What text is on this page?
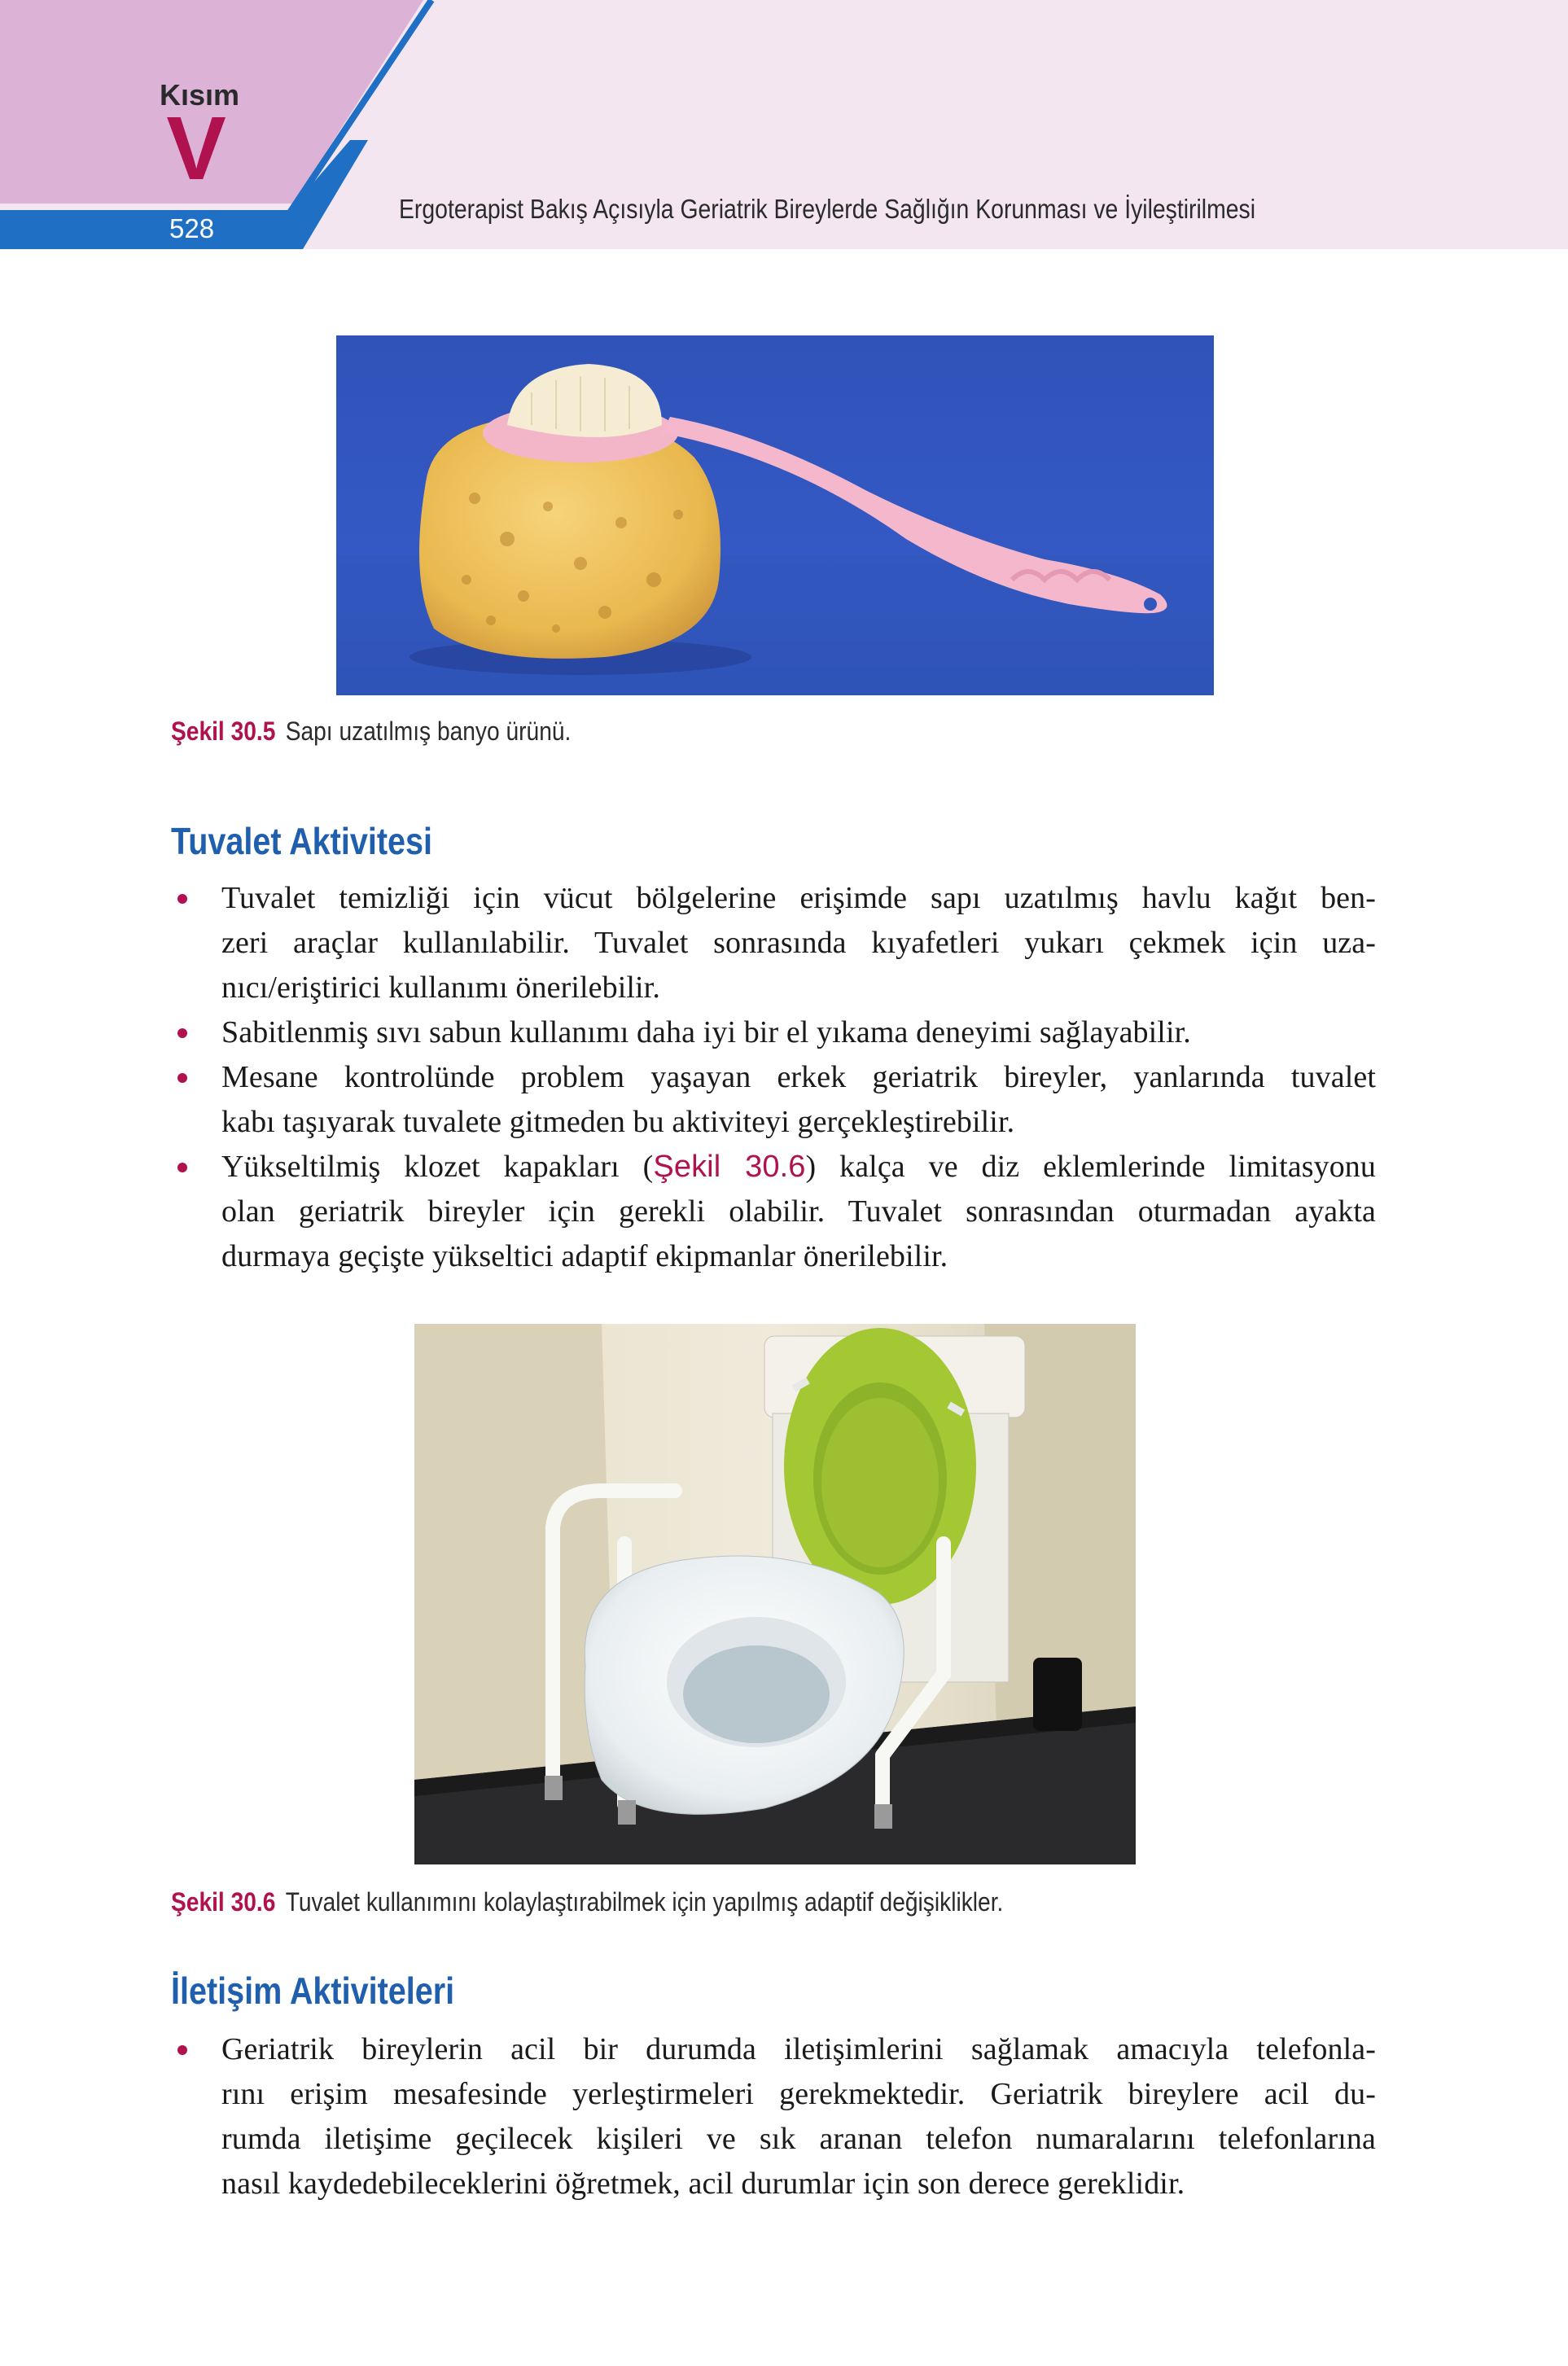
Kısım
V
528
Ergoterapist Bakış Açısıyla Geriatrik Bireylerde Sağlığın Korunması ve İyileştirilmesi
Şekil 30.5 Sapı uzatılmış banyo ürünü.
Tuvalet Aktivitesi
Tuvalet temizliği için vücut bölgelerine erişimde sapı uzatılmış havlu kağıt ben-
zeri araçlar kullanılabilir. Tuvalet sonrasında kıyafetleri yukarı çekmek için uza-
nıcı/eriştirici kullanımı önerilebilir.
Sabitlenmiş sıvı sabun kullanımı daha iyi bir el yıkama deneyimi sağlayabilir.
Mesane kontrolünde problem yaşayan erkek geriatrik bireyler, yanlarında tuvalet
kabı taşıyarak tuvalete gitmeden bu aktiviteyi gerçekleştirebilir.
Yükseltilmiş klozet kapakları (Şekil 30.6) kalça ve diz eklemlerinde limitasyonu
olan geriatrik bireyler için gerekli olabilir. Tuvalet sonrasından oturmadan ayakta
durmaya geçişte yükseltici adaptif ekipmanlar önerilebilir.
Şekil 30.6 Tuvalet kullanımını kolaylaştırabilmek için yapılmış adaptif değişiklikler.
İletişim Aktiviteleri
Geriatrik bireylerin acil bir durumda iletişimlerini sağlamak amacıyla telefonla-
rını erişim mesafesinde yerleştirmeleri gerekmektedir. Geriatrik bireylere acil du-
rumda iletişime geçilecek kişileri ve sık aranan telefon numaralarını telefonlarına
nasıl kaydedebileceklerini öğretmek, acil durumlar için son derece gereklidir.
